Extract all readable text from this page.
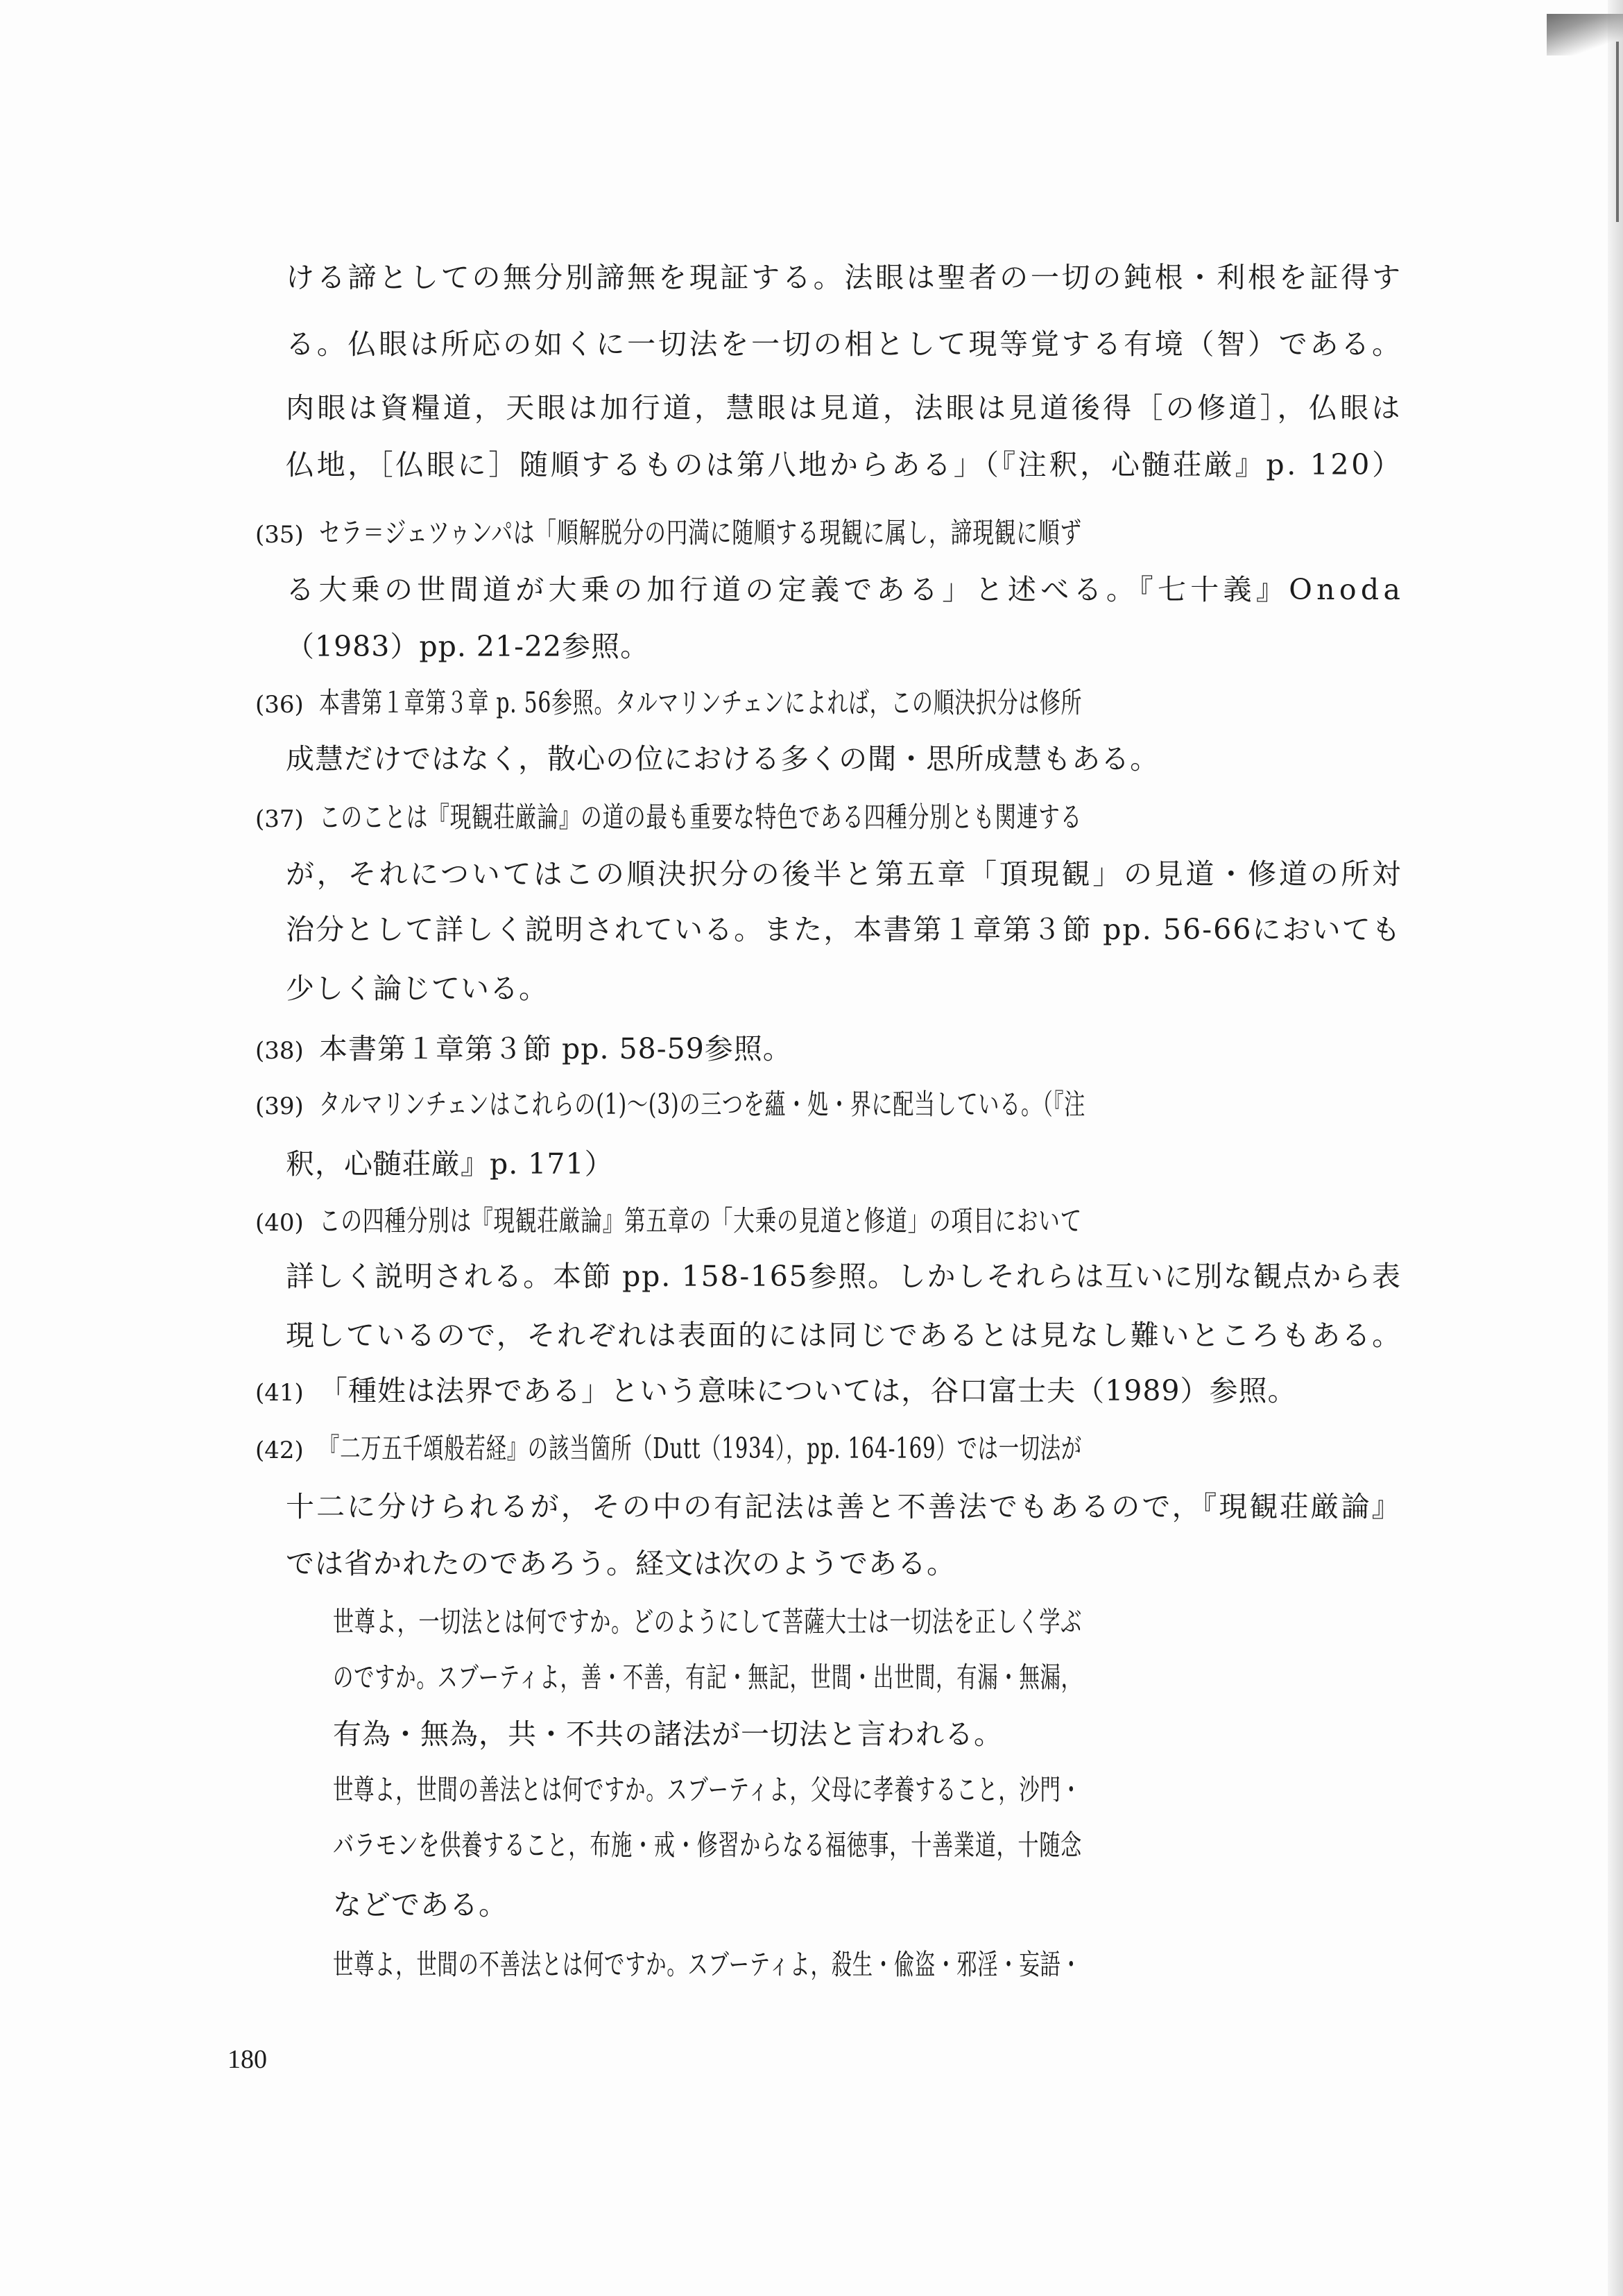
ける諦としての無分別諦無を現証する。法眼は聖者の一切の鈍根・利根を証得す
る。仏眼は所応の如くに一切法を一切の相として現等覚する有境（智）である。
肉眼は資糧道，天眼は加行道，慧眼は見道，法眼は見道後得［の修道］，仏眼は
仏地，［仏眼に］随順するものは第八地からある」（『注釈，心髄荘厳』p. 120）
(35) セラ＝ジェツゥンパは「順解脱分の円満に随順する現観に属し，諦現観に順ず
る大乗の世間道が大乗の加行道の定義である」と述べる。『七十義』Onoda
（1983）pp. 21-22参照。
(36) 本書第１章第３章 p. 56参照。タルマリンチェンによれば，この順決択分は修所
成慧だけではなく，散心の位における多くの聞・思所成慧もある。
(37) このことは『現観荘厳論』の道の最も重要な特色である四種分別とも関連する
が，それについてはこの順決択分の後半と第五章「頂現観」の見道・修道の所対
治分として詳しく説明されている。また，本書第１章第３節 pp. 56-66においても
少しく論じている。
(38) 本書第１章第３節 pp. 58-59参照。
(39) タルマリンチェンはこれらの(1)～(3)の三つを蘊・処・界に配当している。（『注
釈，心髄荘厳』p. 171）
(40) この四種分別は『現観荘厳論』第五章の「大乗の見道と修道」の項目において
詳しく説明される。本節 pp. 158-165参照。しかしそれらは互いに別な観点から表
現しているので，それぞれは表面的には同じであるとは見なし難いところもある。
(41) 「種姓は法界である」という意味については，谷口富士夫（1989）参照。
(42) 『二万五千頌般若経』の該当箇所（Dutt（1934），pp. 164-169）では一切法が
十二に分けられるが，その中の有記法は善と不善法でもあるので，『現観荘厳論』
では省かれたのであろう。経文は次のようである。
世尊よ，一切法とは何ですか。どのようにして菩薩大士は一切法を正しく学ぶ
のですか。スブーティよ，善・不善，有記・無記，世間・出世間，有漏・無漏，
有為・無為，共・不共の諸法が一切法と言われる。
世尊よ，世間の善法とは何ですか。スブーティよ，父母に孝養すること，沙門・
バラモンを供養すること，布施・戒・修習からなる福徳事，十善業道，十随念
などである。
世尊よ，世間の不善法とは何ですか。スブーティよ，殺生・偸盗・邪淫・妄語・
180
